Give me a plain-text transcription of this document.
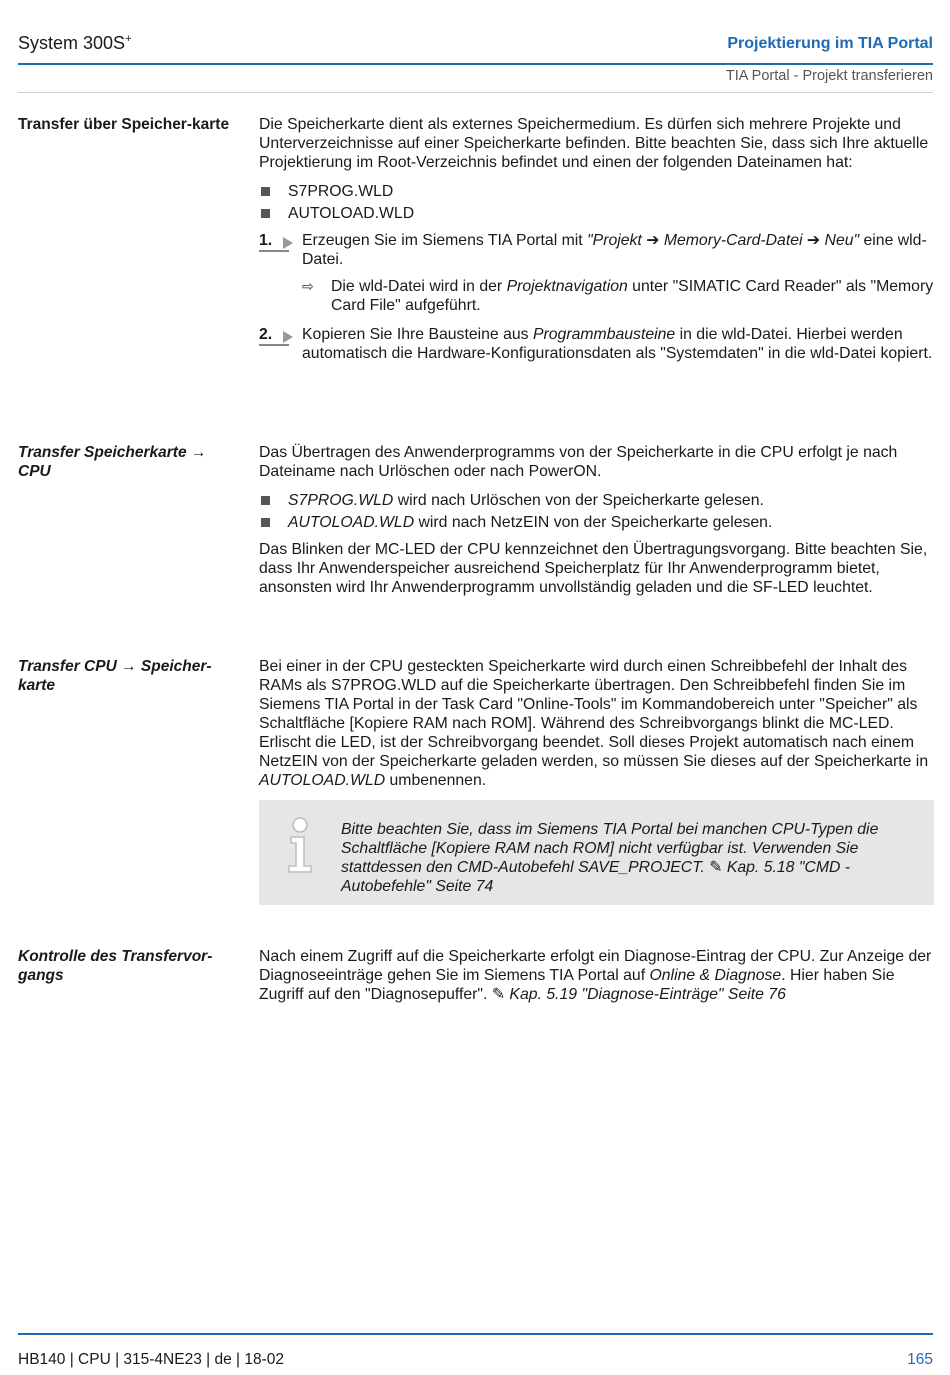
System 300S+	Projektierung im TIA Portal
TIA Portal - Projekt transferieren
Transfer über Speicher-karte	Die Speicherkarte dient als externes Speichermedium. Es dürfen sich mehrere Projekte und Unterverzeichnisse auf einer Speicherkarte befinden. Bitte beachten Sie, dass sich Ihre aktuelle Projektierung im Root-Verzeichnis befindet und einen der folgenden Dateinamen hat:

S7PROG.WLD
AUTOLOAD.WLD
1. Erzeugen Sie im Siemens TIA Portal mit "Projekt ➔ Memory-Card-Datei ➔ Neu" eine wld-Datei.
⇨ Die wld-Datei wird in der Projektnavigation unter "SIMATIC Card Reader" als "Memory Card File" aufgeführt.
2. Kopieren Sie Ihre Bausteine aus Programmbausteine in die wld-Datei. Hierbei werden automatisch die Hardware-Konfigurationsdaten als "Systemdaten" in die wld-Datei kopiert.
Transfer Speicherkarte → CPU

Das Übertragen des Anwenderprogramms von der Speicherkarte in die CPU erfolgt je nach Dateiname nach Urlöschen oder nach PowerON.

S7PROG.WLD wird nach Urlöschen von der Speicherkarte gelesen.
AUTOLOAD.WLD wird nach NetzEIN von der Speicherkarte gelesen.

Das Blinken der MC-LED der CPU kennzeichnet den Übertragungsvorgang. Bitte beachten Sie, dass Ihr Anwenderspeicher ausreichend Speicherplatz für Ihr Anwenderprogramm bietet, ansonsten wird Ihr Anwenderprogramm unvollständig geladen und die SF-LED leuchtet.

Transfer CPU → Speicher-karte

Bei einer in der CPU gesteckten Speicherkarte wird durch einen Schreibbefehl der Inhalt des RAMs als S7PROG.WLD auf die Speicherkarte übertragen. Den Schreibbefehl finden Sie im Siemens TIA Portal in der Task Card "Online-Tools" im Kommandobereich unter "Speicher" als Schaltfläche [Kopiere RAM nach ROM]. Während des Schreibvorgangs blinkt die MC-LED. Erlischt die LED, ist der Schreibvorgang beendet. Soll dieses Projekt automatisch nach einem NetzEIN von der Speicherkarte geladen werden, so müssen Sie dieses auf der Speicherkarte in AUTOLOAD.WLD umbenennen.

Bitte beachten Sie, dass im Siemens TIA Portal bei manchen CPU-Typen die Schaltfläche [Kopiere RAM nach ROM] nicht verfügbar ist. Verwenden Sie stattdessen den CMD-Autobefehl SAVE_PROJECT. ✎ Kap. 5.18 "CMD - Autobefehle" Seite 74
Kontrolle des Transfervor-gangs

Nach einem Zugriff auf die Speicherkarte erfolgt ein Diagnose-Eintrag der CPU. Zur Anzeige der Diagnoseeinträge gehen Sie im Siemens TIA Portal auf Online & Diagnose. Hier haben Sie Zugriff auf den "Diagnosepuffer". ✎ Kap. 5.19 "Diagnose-Einträge" Seite 76

HB140 | CPU | 315-4NE23 | de | 18-02	165
